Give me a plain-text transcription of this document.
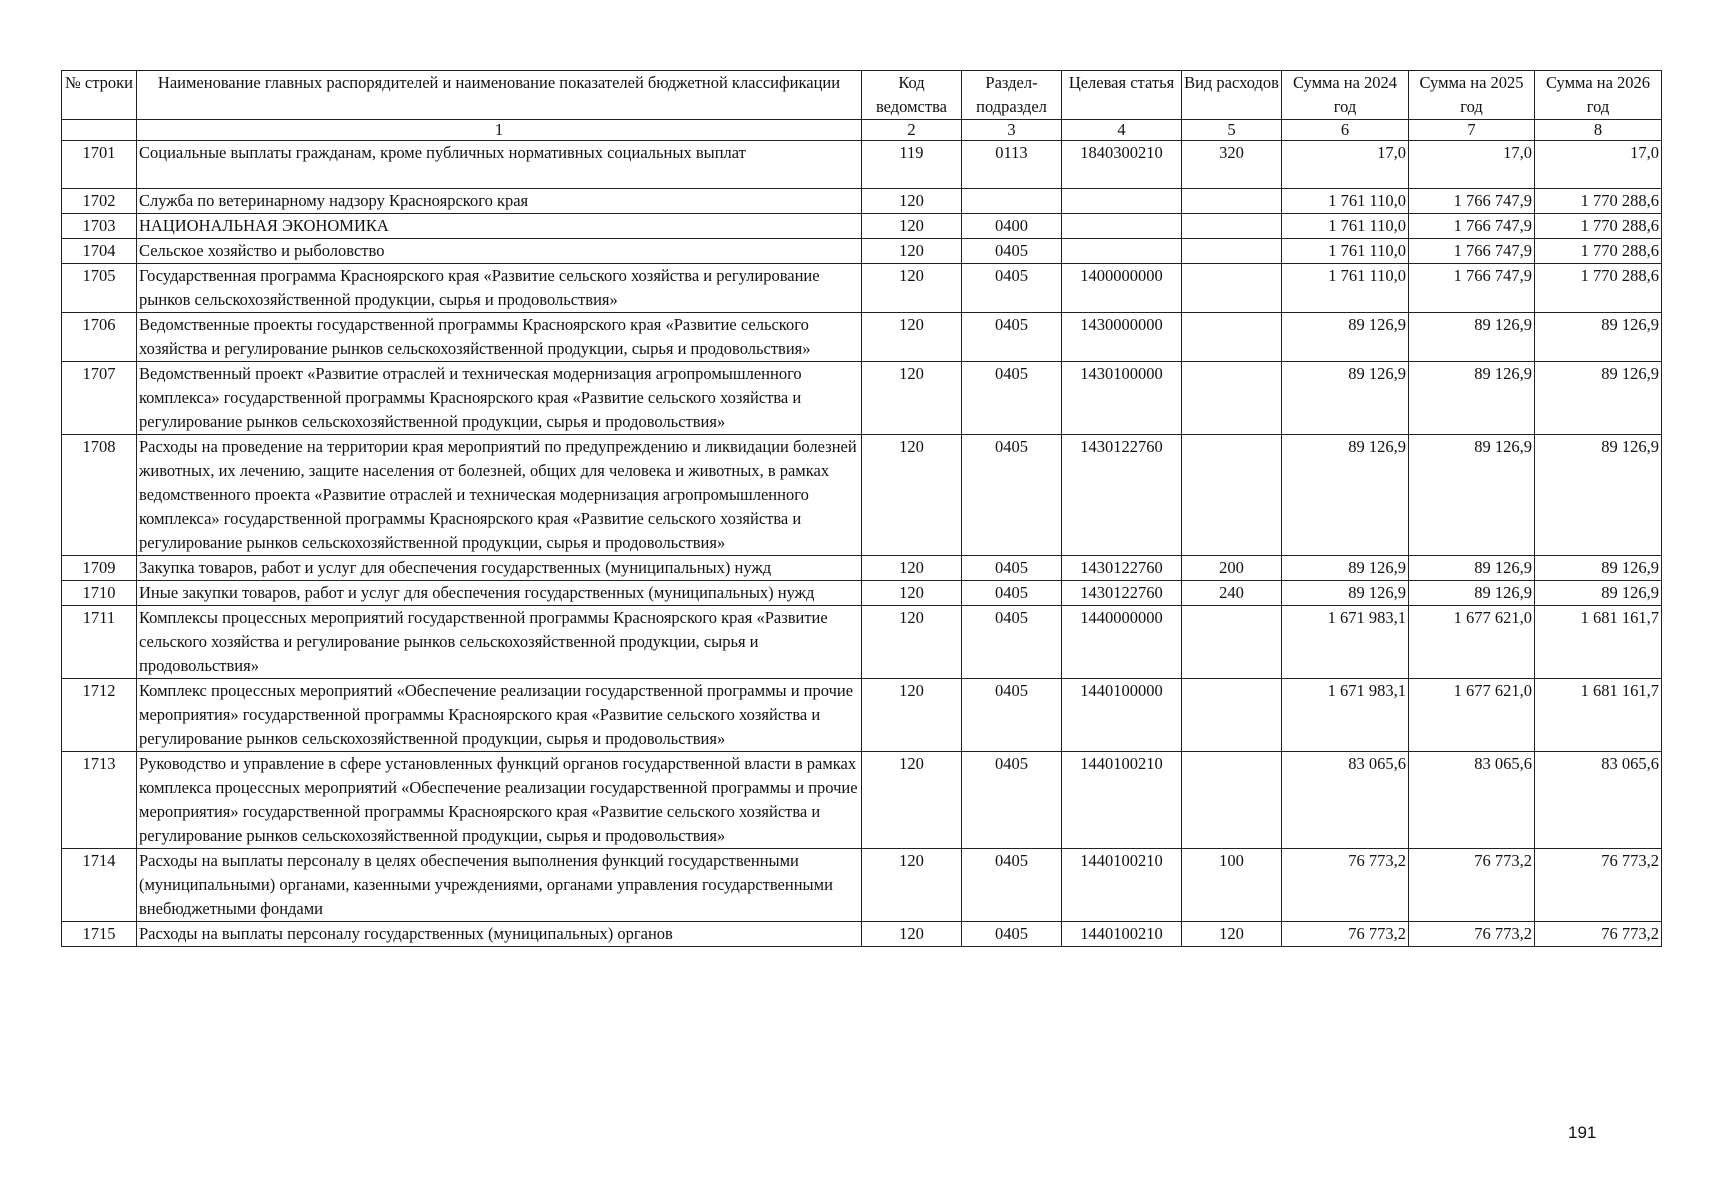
№ строки	Наименование главных распорядителей и наименование показателей бюджетной классификации	Код ведомства	Раздел-подраздел	Целевая статья	Вид расходов	Сумма на 2024 год	Сумма на 2025 год	Сумма на 2026 год
	1	2	3	4	5	6	7	8
1701	Социальные выплаты гражданам, кроме публичных нормативных социальных выплат	119	0113	1840300210	320	17,0	17,0	17,0
1702	Служба по ветеринарному надзору Красноярского края	120				1 761 110,0	1 766 747,9	1 770 288,6
1703	НАЦИОНАЛЬНАЯ ЭКОНОМИКА	120	0400			1 761 110,0	1 766 747,9	1 770 288,6
1704	Сельское хозяйство и рыболовство	120	0405			1 761 110,0	1 766 747,9	1 770 288,6
1705	Государственная программа Красноярского края «Развитие сельского хозяйства и регулирование рынков сельскохозяйственной продукции, сырья и продовольствия»	120	0405	1400000000		1 761 110,0	1 766 747,9	1 770 288,6
1706	Ведомственные проекты государственной программы Красноярского края «Развитие сельского хозяйства и регулирование рынков сельскохозяйственной продукции, сырья и продовольствия»	120	0405	1430000000		89 126,9	89 126,9	89 126,9
1707	Ведомственный проект «Развитие отраслей и техническая модернизация агропромышленного комплекса» государственной программы Красноярского края «Развитие сельского хозяйства и регулирование рынков сельскохозяйственной продукции, сырья и продовольствия»	120	0405	1430100000		89 126,9	89 126,9	89 126,9
1708	Расходы на проведение на территории края мероприятий по предупреждению и ликвидации болезней животных, их лечению, защите населения от болезней, общих для человека и животных, в рамках ведомственного проекта «Развитие отраслей и техническая модернизация агропромышленного комплекса» государственной программы Красноярского края «Развитие сельского хозяйства и регулирование рынков сельскохозяйственной продукции, сырья и продовольствия»	120	0405	1430122760		89 126,9	89 126,9	89 126,9
1709	Закупка товаров, работ и услуг для обеспечения государственных (муниципальных) нужд	120	0405	1430122760	200	89 126,9	89 126,9	89 126,9
1710	Иные закупки товаров, работ и услуг для обеспечения государственных (муниципальных) нужд	120	0405	1430122760	240	89 126,9	89 126,9	89 126,9
1711	Комплексы процессных мероприятий государственной программы Красноярского края «Развитие сельского хозяйства и регулирование рынков сельскохозяйственной продукции, сырья и продовольствия»	120	0405	1440000000		1 671 983,1	1 677 621,0	1 681 161,7
1712	Комплекс процессных мероприятий «Обеспечение реализации государственной программы и прочие мероприятия» государственной программы Красноярского края «Развитие сельского хозяйства и регулирование рынков сельскохозяйственной продукции, сырья и продовольствия»	120	0405	1440100000		1 671 983,1	1 677 621,0	1 681 161,7
1713	Руководство и управление в сфере установленных функций органов государственной власти в рамках комплекса процессных мероприятий «Обеспечение реализации государственной программы и прочие мероприятия» государственной программы Красноярского края «Развитие сельского хозяйства и регулирование рынков сельскохозяйственной продукции, сырья и продовольствия»	120	0405	1440100210		83 065,6	83 065,6	83 065,6
1714	Расходы на выплаты персоналу в целях обеспечения выполнения функций государственными (муниципальными) органами, казенными учреждениями, органами управления государственными внебюджетными фондами	120	0405	1440100210	100	76 773,2	76 773,2	76 773,2
1715	Расходы на выплаты персоналу государственных (муниципальных) органов	120	0405	1440100210	120	76 773,2	76 773,2	76 773,2
191
